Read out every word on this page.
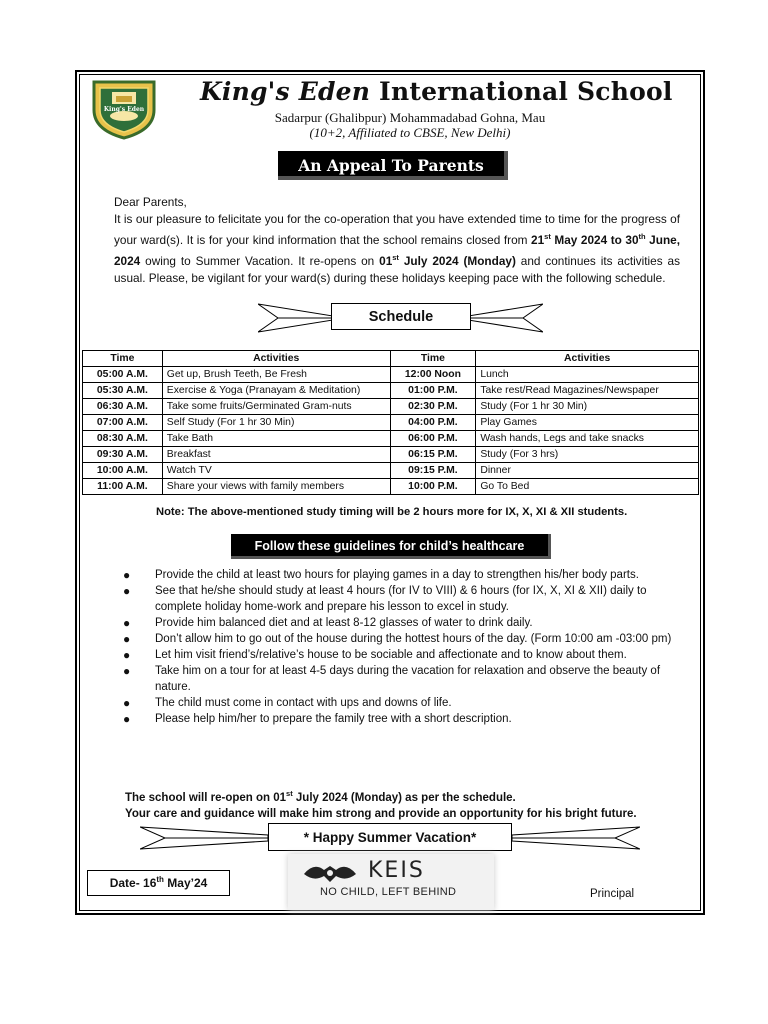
King's Eden
King's Eden International School
Sadarpur (Ghalibpur) Mohammadabad Gohna, Mau
(10+2, Affiliated to CBSE, New Delhi)
An Appeal To Parents

Dear Parents,

It is our pleasure to felicitate you for the co-operation that you have extended time to time for the progress of your ward(s). It is for your kind information that the school remains closed from 21st May 2024 to 30th June, 2024 owing to Summer Vacation. It re-opens on 01st July 2024 (Monday) and continues its activities as usual. Please, be vigilant for your ward(s) during these holidays keeping pace with the following schedule.

Schedule
Time	Activities	Time	Activities
05:00 A.M.	Get up, Brush Teeth, Be Fresh	12:00 Noon	Lunch
05:30 A.M.	Exercise & Yoga (Pranayam & Meditation)	01:00 P.M.	Take rest/Read Magazines/Newspaper
06:30 A.M.	Take some fruits/Germinated Gram-nuts	02:30 P.M.	Study (For 1 hr 30 Min)
07:00 A.M.	Self Study (For 1 hr 30 Min)	04:00 P.M.	Play Games
08:30 A.M.	Take Bath	06:00 P.M.	Wash hands, Legs and take snacks
09:30 A.M.	Breakfast	06:15 P.M.	Study (For 3 hrs)
10:00 A.M.	Watch TV	09:15 P.M.	Dinner
11:00 A.M.	Share your views with family members	10:00 P.M.	Go To Bed
Note: The above-mentioned study timing will be 2 hours more for IX, X, XI & XII students.
Follow these guidelines for child’s healthcare
● Provide the child at least two hours for playing games in a day to strengthen his/her body parts.
● See that he/she should study at least 4 hours (for IV to VIII) & 6 hours (for IX, X, XI & XII) daily to complete holiday home-work and prepare his lesson to excel in study.
● Provide him balanced diet and at least 8-12 glasses of water to drink daily.
● Don’t allow him to go out of the house during the hottest hours of the day. (Form 10:00 am -03:00 pm)
● Let him visit friend’s/relative’s house to be sociable and affectionate and to know about them.
● Take him on a tour for at least 4-5 days during the vacation for relaxation and observe the beauty of nature.
● The child must come in contact with ups and downs of life.
● Please help him/her to prepare the family tree with a short description.
The school will re-open on 01st July 2024 (Monday) as per the schedule.
Your care and guidance will make him strong and provide an opportunity for his bright future.
* Happy Summer Vacation*
Date- 16th May’24	KEIS
NO CHILD, LEFT BEHIND	Principal
